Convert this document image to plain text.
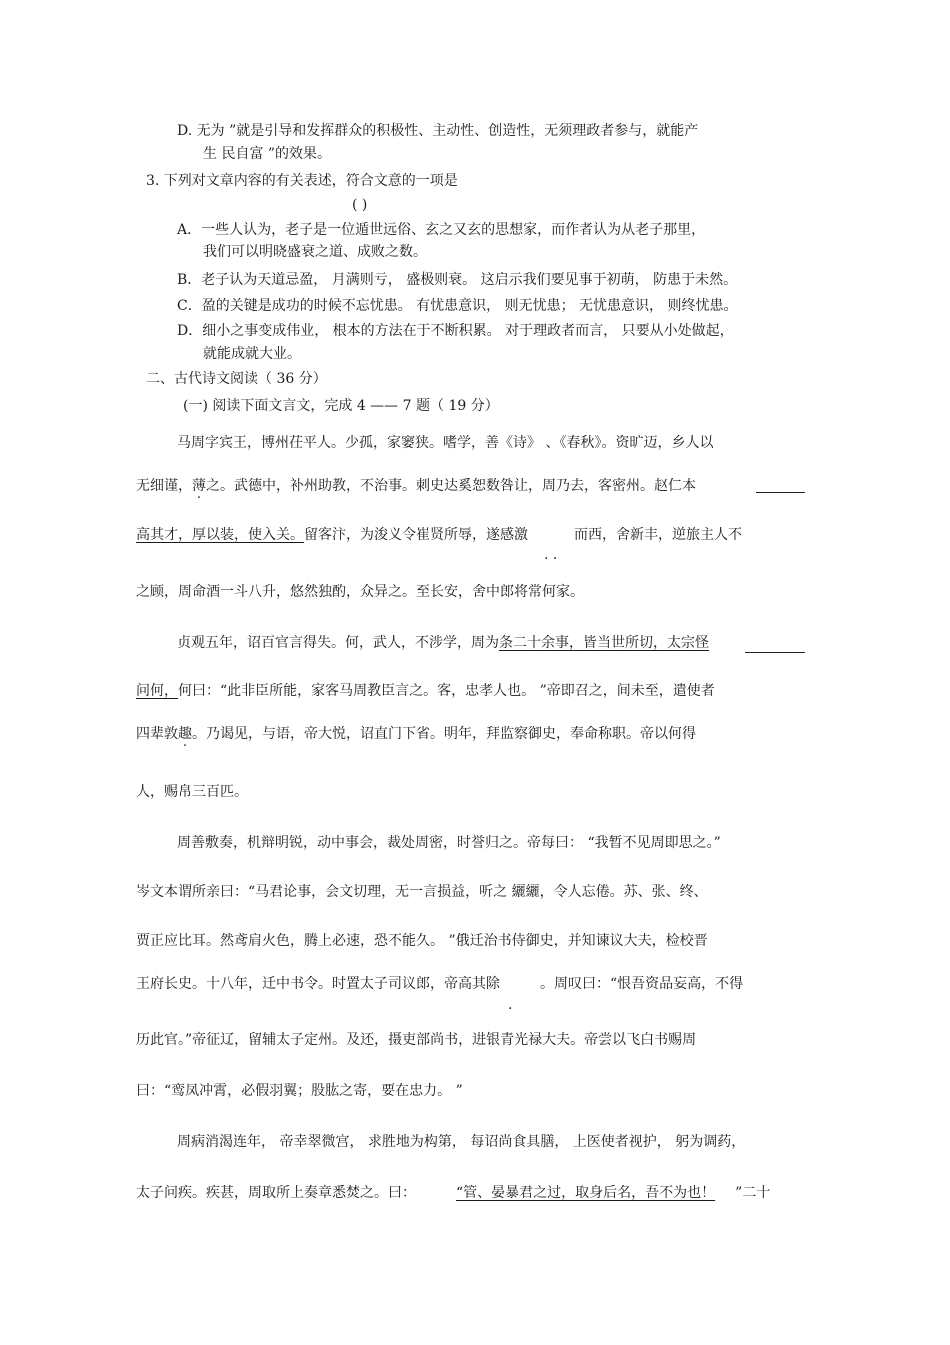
D. 无为 ”就是引导和发挥群众的积极性、主动性、创造性，无须理政者参与，就能产
生 民自富 ”的效果。
3. 下列对文章内容的有关表述，符合文意的一项是
( )
A．一些人认为，老子是一位遁世远俗、玄之又玄的思想家，而作者认为从老子那里，
我们可以明晓盛衰之道、成败之数。
B．老子认为天道忌盈， 月满则亏， 盛极则衰。 这启示我们要见事于初萌， 防患于未然。
C．盈的关键是成功的时候不忘忧患。 有忧患意识， 则无忧患； 无忧患意识， 则终忧患。
D．细小之事变成伟业， 根本的方法在于不断积累。 对于理政者而言， 只要从小处做起，
就能成就大业。
二、古代诗文阅读（ 36 分）
(一) 阅读下面文言文，完成 4 —— 7 题（ 19 分）
马周字宾王，博州茌平人。少孤，家窭狭。嗜学，善《诗》 、《春秋》。资旷迈，乡人以
无细谨，薄之。武德中，补州助教，不治事。刺史达奚恕数咎让，周乃去，客密州。赵仁本
高其才，厚以装，使入关。留客汴，为浚义令崔贤所辱，遂感激
. .
而西，舍新丰，逆旅主人不
之顾，周命酒一斗八升，悠然独酌，众异之。至长安，舍中郎将常何家。
贞观五年，诏百官言得失。何，武人，不涉学，周为条二十余事，皆当世所切，太宗怪
问何，何曰：“此非臣所能，家客马周教臣言之。客，忠孝人也。 ”帝即召之，间未至，遣使者
四辈敦趣。乃谒见，与语，帝大悦，诏直门下省。明年，拜监察御史，奉命称职。帝以何得
人，赐帛三百匹。
周善敷奏，机辩明锐，动中事会，裁处周密，时誉归之。帝每曰： “我暂不见周即思之。”
岑文本谓所亲曰：“马君论事，会文切理，无一言损益，听之 纚纚，令人忘倦。苏、张、终、
贾正应比耳。然鸢肩火色，腾上必速，恐不能久。 ”俄迁治书侍御史，并知谏议大夫，检校晋
王府长史。十八年，迁中书令。时置太子司议郎，帝高其除
.
。周叹曰：“恨吾资品妄高，不得
历此官。”帝征辽，留辅太子定州。及还，摄吏部尚书，进银青光禄大夫。帝尝以飞白书赐周
曰：“鸾凤冲霄，必假羽翼；股肱之寄，要在忠力。 ”
周病消渴连年， 帝幸翠微宫， 求胜地为构第， 每诏尚食具膳， 上医使者视护， 躬为调药，
太子问疾。疾甚，周取所上奏章悉焚之。曰：	“管、晏暴君之过，取身后名，吾不为也！ ”二十
